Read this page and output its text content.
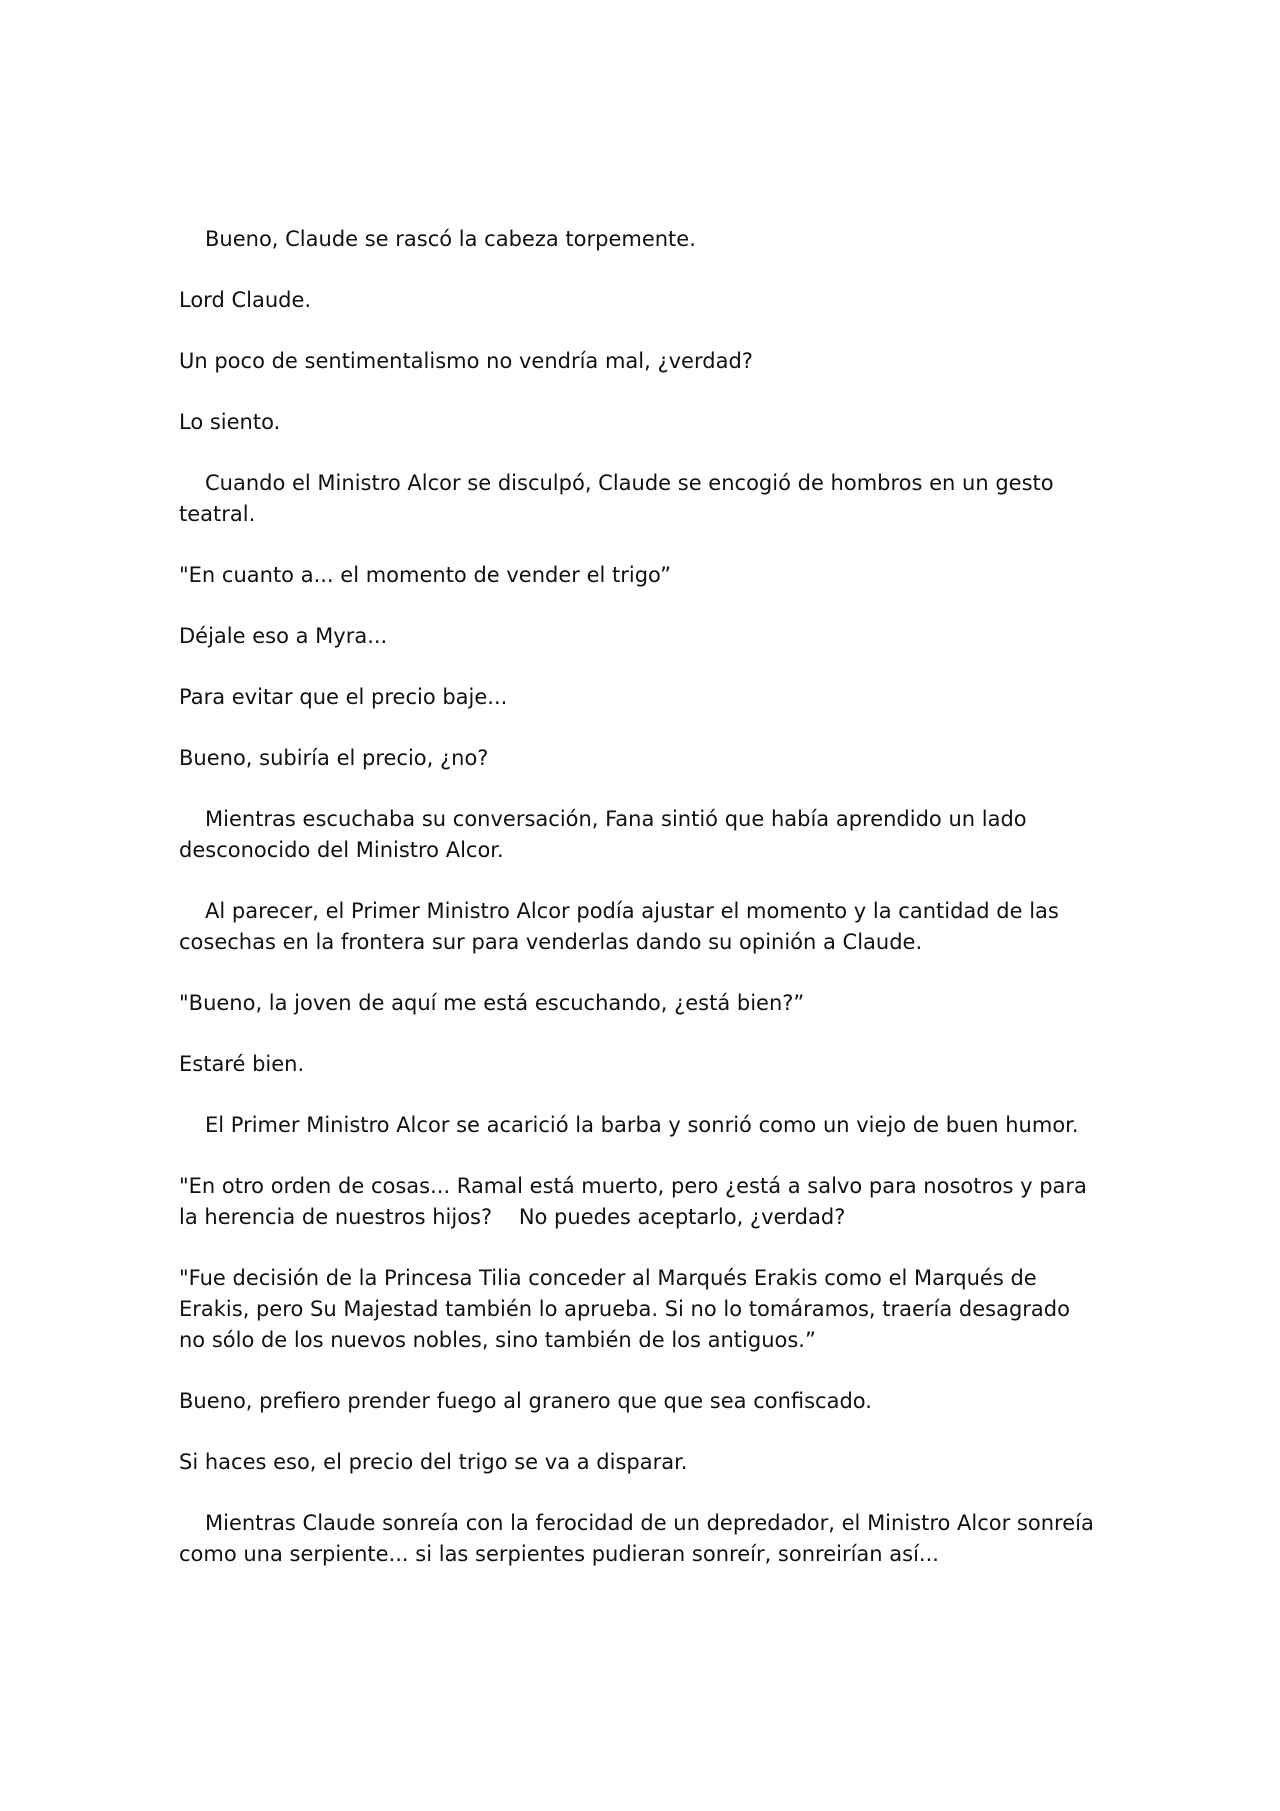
Bueno, Claude se rascó la cabeza torpemente.

Lord Claude.

Un poco de sentimentalismo no vendría mal, ¿verdad?

Lo siento.

Cuando el Ministro Alcor se disculpó, Claude se encogió de hombros en un gesto teatral.

"En cuanto a... el momento de vender el trigo”

Déjale eso a Myra...

Para evitar que el precio baje...

Bueno, subiría el precio, ¿no?

Mientras escuchaba su conversación, Fana sintió que había aprendido un lado desconocido del Ministro Alcor.

Al parecer, el Primer Ministro Alcor podía ajustar el momento y la cantidad de las cosechas en la frontera sur para venderlas dando su opinión a Claude.

"Bueno, la joven de aquí me está escuchando, ¿está bien?”

Estaré bien.

El Primer Ministro Alcor se acarició la barba y sonrió como un viejo de buen humor.

"En otro orden de cosas... Ramal está muerto, pero ¿está a salvo para nosotros y para la herencia de nuestros hijos?    No puedes aceptarlo, ¿verdad?

"Fue decisión de la Princesa Tilia conceder al Marqués Erakis como el Marqués de Erakis, pero Su Majestad también lo aprueba. Si no lo tomáramos, traería desagrado no sólo de los nuevos nobles, sino también de los antiguos.”

Bueno, prefiero prender fuego al granero que que sea confiscado.

Si haces eso, el precio del trigo se va a disparar.

Mientras Claude sonreía con la ferocidad de un depredador, el Ministro Alcor sonreía como una serpiente... si las serpientes pudieran sonreír, sonreirían así...
